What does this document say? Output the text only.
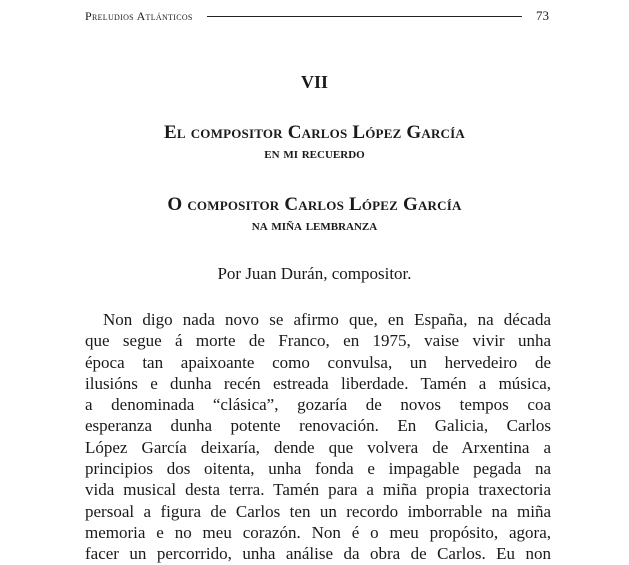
Preludios Atlánticos	73
VII
El compositor Carlos López García
en mi recuerdo
O compositor Carlos López García
na miña lembranza
Por Juan Durán, compositor.
Non digo nada novo se afirmo que, en España, na década
que segue á morte de Franco, en 1975, vaise vivir unha
época tan apaixoante como convulsa, un hervedeiro de
ilusións e dunha recén estreada liberdade. Tamén a música,
a denominada “clásica”, gozaría de novos tempos coa
esperanza dunha potente renovación. En Galicia, Carlos
López García deixaría, dende que volvera de Arxentina a
principios dos oitenta, unha fonda e impagable pegada na
vida musical desta terra. Tamén para a miña propia traxectoria
persoal a figura de Carlos ten un recordo imborrable na miña
memoria e no meu corazón. Non é o meu propósito, agora,
facer un percorrido, unha análise da obra de Carlos. Eu non
